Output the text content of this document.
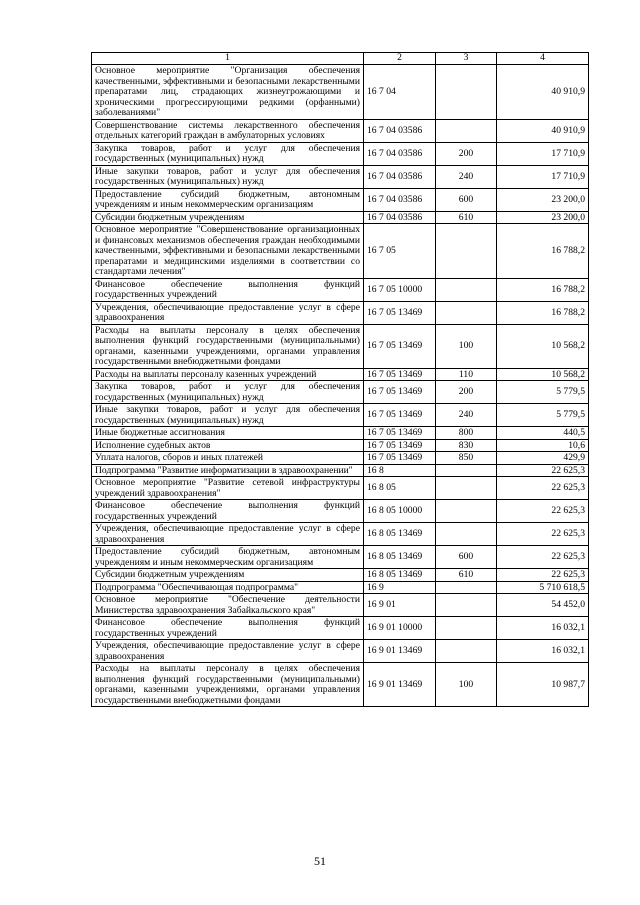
1	2	3	4
Основное мероприятие "Организация обеспечения качественными, эффективными и безопасными лекарственными препаратами лиц, страдающих жизнеугрожающими и хроническими прогрессирующими редкими (орфанными) заболеваниями"	16 7 04		40 910,9
Совершенствование системы лекарственного обеспечения отдельных категорий граждан в амбулаторных условиях	16 7 04 03586		40 910,9
Закупка товаров, работ и услуг для обеспечения государственных (муниципальных) нужд	16 7 04 03586	200	17 710,9
Иные закупки товаров, работ и услуг для обеспечения государственных (муниципальных) нужд	16 7 04 03586	240	17 710,9
Предоставление субсидий бюджетным, автономным учреждениям и иным некоммерческим организациям	16 7 04 03586	600	23 200,0
Субсидии бюджетным учреждениям	16 7 04 03586	610	23 200,0
Основное мероприятие "Совершенствование организационных и финансовых механизмов обеспечения граждан необходимыми качественными, эффективными и безопасными лекарственными препаратами и медицинскими изделиями в соответствии со стандартами лечения"	16 7 05		16 788,2
Финансовое обеспечение выполнения функций государственных учреждений	16 7 05 10000		16 788,2
Учреждения, обеспечивающие предоставление услуг в сфере здравоохранения	16 7 05 13469		16 788,2
Расходы на выплаты персоналу в целях обеспечения выполнения функций государственными (муниципальными) органами, казенными учреждениями, органами управления государственными внебюджетными фондами	16 7 05 13469	100	10 568,2
Расходы на выплаты персоналу казенных учреждений	16 7 05 13469	110	10 568,2
Закупка товаров, работ и услуг для обеспечения государственных (муниципальных) нужд	16 7 05 13469	200	5 779,5
Иные закупки товаров, работ и услуг для обеспечения государственных (муниципальных) нужд	16 7 05 13469	240	5 779,5
Иные бюджетные ассигнования	16 7 05 13469	800	440,5
Исполнение судебных актов	16 7 05 13469	830	10,6
Уплата налогов, сборов и иных платежей	16 7 05 13469	850	429,9
Подпрограмма "Развитие информатизации в здравоохранении"	16 8		22 625,3
Основное мероприятие "Развитие сетевой инфраструктуры учреждений здравоохранения"	16 8 05		22 625,3
Финансовое обеспечение выполнения функций государственных учреждений	16 8 05 10000		22 625,3
Учреждения, обеспечивающие предоставление услуг в сфере здравоохранения	16 8 05 13469		22 625,3
Предоставление субсидий бюджетным, автономным учреждениям и иным некоммерческим организациям	16 8 05 13469	600	22 625,3
Субсидии бюджетным учреждениям	16 8 05 13469	610	22 625,3
Подпрограмма "Обеспечивающая подпрограмма"	16 9		5 710 618,5
Основное мероприятие "Обеспечение деятельности Министерства здравоохранения Забайкальского края"	16 9 01		54 452,0
Финансовое обеспечение выполнения функций государственных учреждений	16 9 01 10000		16 032,1
Учреждения, обеспечивающие предоставление услуг в сфере здравоохранения	16 9 01 13469		16 032,1
Расходы на выплаты персоналу в целях обеспечения выполнения функций государственными (муниципальными) органами, казенными учреждениями, органами управления государственными внебюджетными фондами	16 9 01 13469	100	10 987,7
51
